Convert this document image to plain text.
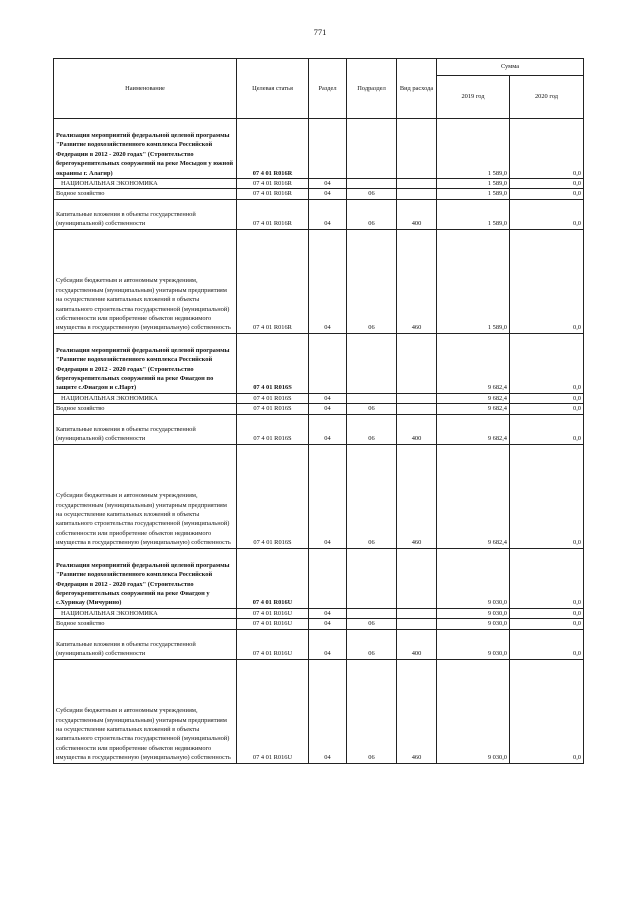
771
Наименование	Целевая статья	Раздел	Подраздел	Вид расхода	Сумма	
					2019 год	2020 год
Реализация мероприятий федеральной целевой программы "Развитие водохозяйственного комплекса Российской Федерации в 2012 - 2020 годах" (Строительство берегоукрепительных сооружений на реке Мосыдон у южной окраины г. Алагир)	07 4 01 R016R				1 589,0	0,0
НАЦИОНАЛЬНАЯ ЭКОНОМИКА	07 4 01 R016R	04			1 589,0	0,0
Водное хозяйство	07 4 01 R016R	04	06		1 589,0	0,0
Капитальные вложения в объекты государственной (муниципальной) собственности	07 4 01 R016R	04	06	400	1 589,0	0,0
Субсидии бюджетным и автономным учреждениям, государственным (муниципальным) унитарным предприятиям на осуществление капитальных вложений в объекты капитального строительства государственной (муниципальной) собственности или приобретение объектов недвижимого имущества в государственную (муниципальную) собственность	07 4 01 R016R	04	06	460	1 589,0	0,0
Реализация мероприятий федеральной целевой программы "Развитие водохозяйственного комплекса Российской Федерации в 2012 - 2020 годах" (Строительство берегоукрепительных сооружений на реке Фиагдон по защите с.Фиагдон и с.Нарт)	07 4 01 R016S				9 682,4	0,0
НАЦИОНАЛЬНАЯ ЭКОНОМИКА	07 4 01 R016S	04			9 682,4	0,0
Водное хозяйство	07 4 01 R016S	04	06		9 682,4	0,0
Капитальные вложения в объекты государственной (муниципальной) собственности	07 4 01 R016S	04	06	400	9 682,4	0,0
Субсидии бюджетным и автономным учреждениям, государственным (муниципальным) унитарным предприятиям на осуществление капитальных вложений в объекты капитального строительства государственной (муниципальной) собственности или приобретение объектов недвижимого имущества в государственную (муниципальную) собственность	07 4 01 R016S	04	06	460	9 682,4	0,0
Реализация мероприятий федеральной целевой программы "Развитие водохозяйственного комплекса Российской Федерации в 2012 - 2020 годах" (Строительство берегоукрепительных сооружений на реке Фиагдон у с.Хурикау (Мичурино)	07 4 01 R016U				9 030,0	0,0
НАЦИОНАЛЬНАЯ ЭКОНОМИКА	07 4 01 R016U	04			9 030,0	0,0
Водное хозяйство	07 4 01 R016U	04	06		9 030,0	0,0
Капитальные вложения в объекты государственной (муниципальной) собственности	07 4 01 R016U	04	06	400	9 030,0	0,0
Субсидии бюджетным и автономным учреждениям, государственным (муниципальным) унитарным предприятиям на осуществление капитальных вложений в объекты капитального строительства государственной (муниципальной) собственности или приобретение объектов недвижимого имущества в государственную (муниципальную) собственность	07 4 01 R016U	04	06	460	9 030,0	0,0
